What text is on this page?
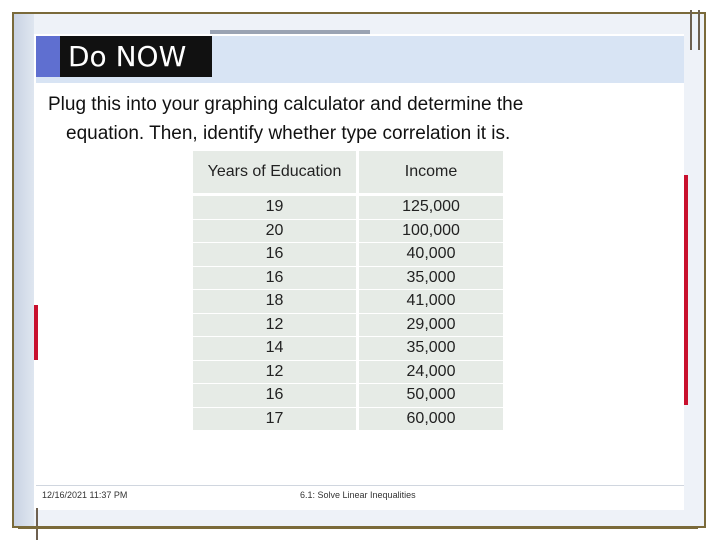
Do NOW
Plug this into your graphing calculator and determine the
equation. Then, identify whether type correlation it is.
Years of Education	Income
19	125,000
20	100,000
16	40,000
16	35,000
18	41,000
12	29,000
14	35,000
12	24,000
16	50,000
17	60,000
12/16/2021 11:37 PM	6.1: Solve Linear Inequalities
